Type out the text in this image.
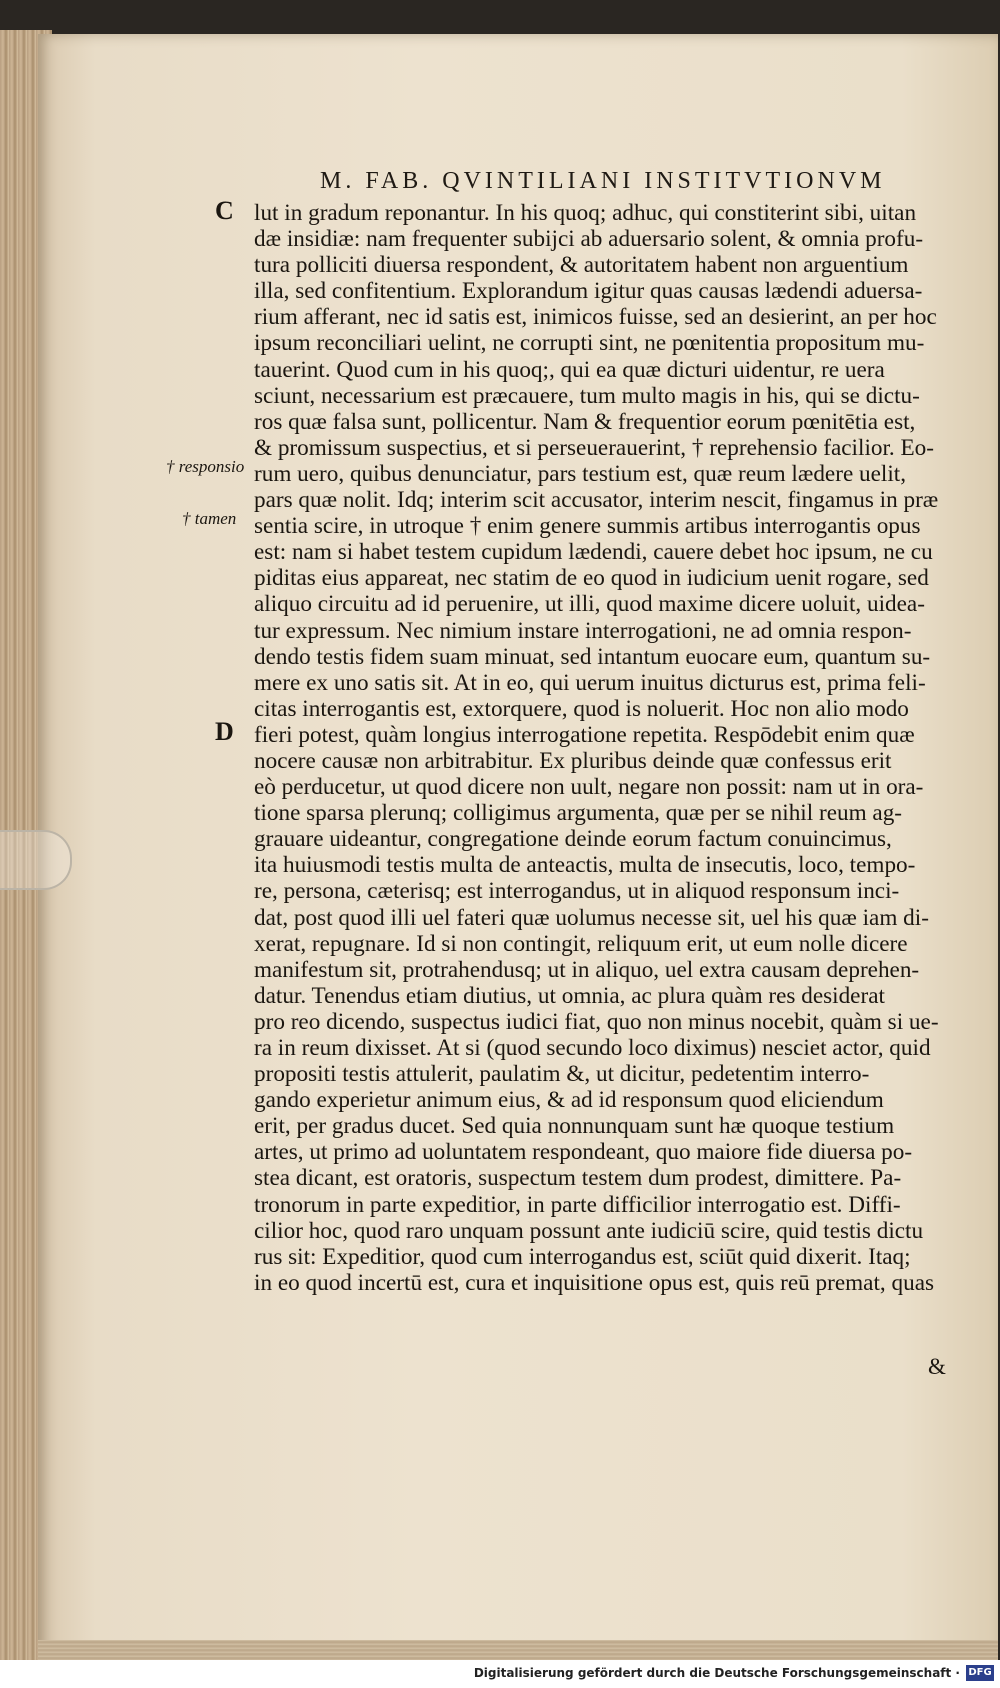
M. FAB. QVINTILIANI INSTITVTIONVM
C
D
† responsio
† tamen
lut in gradum reponantur. In his quoq; adhuc, qui constiterint sibi, uitan
dæ insidiæ: nam frequenter subijci ab aduersario solent, & omnia profu-
tura polliciti diuersa respondent, & autoritatem habent non arguentium
illa, sed confitentium. Explorandum igitur quas causas lædendi aduersa-
rium afferant, nec id satis est, inimicos fuisse, sed an desierint, an per hoc
ipsum reconciliari uelint, ne corrupti sint, ne pœnitentia propositum mu-
tauerint. Quod cum in his quoq;, qui ea quæ dicturi uidentur, re uera
sciunt, necessarium est præcauere, tum multo magis in his, qui se dictu-
ros quæ falsa sunt, pollicentur. Nam & frequentior eorum pœnitētia est,
& promissum suspectius, et si perseuerauerint, † reprehensio facilior. Eo-
rum uero, quibus denunciatur, pars testium est, quæ reum lædere uelit,
pars quæ nolit. Idq; interim scit accusator, interim nescit, fingamus in præ
sentia scire, in utroque † enim genere summis artibus interrogantis opus
est: nam si habet testem cupidum lædendi, cauere debet hoc ipsum, ne cu
piditas eius appareat, nec statim de eo quod in iudicium uenit rogare, sed
aliquo circuitu ad id peruenire, ut illi, quod maxime dicere uoluit, uidea-
tur expressum. Nec nimium instare interrogationi, ne ad omnia respon-
dendo testis fidem suam minuat, sed intantum euocare eum, quantum su-
mere ex uno satis sit. At in eo, qui uerum inuitus dicturus est, prima feli-
citas interrogantis est, extorquere, quod is noluerit. Hoc non alio modo
fieri potest, quàm longius interrogatione repetita. Respōdebit enim quæ
nocere causæ non arbitrabitur. Ex pluribus deinde quæ confessus erit
eò perducetur, ut quod dicere non uult, negare non possit: nam ut in ora-
tione sparsa plerunq; colligimus argumenta, quæ per se nihil reum ag-
grauare uideantur, congregatione deinde eorum factum conuincimus,
ita huiusmodi testis multa de anteactis, multa de insecutis, loco, tempo-
re, persona, cæterisq; est interrogandus, ut in aliquod responsum inci-
dat, post quod illi uel fateri quæ uolumus necesse sit, uel his quæ iam di-
xerat, repugnare. Id si non contingit, reliquum erit, ut eum nolle dicere
manifestum sit, protrahendusq; ut in aliquo, uel extra causam deprehen-
datur. Tenendus etiam diutius, ut omnia, ac plura quàm res desiderat
pro reo dicendo, suspectus iudici fiat, quo non minus nocebit, quàm si ue-
ra in reum dixisset. At si (quod secundo loco diximus) nesciet actor, quid
propositi testis attulerit, paulatim &, ut dicitur, pedetentim interro-
gando experietur animum eius, & ad id responsum quod eliciendum
erit, per gradus ducet. Sed quia nonnunquam sunt hæ quoque testium
artes, ut primo ad uoluntatem respondeant, quo maiore fide diuersa po-
stea dicant, est oratoris, suspectum testem dum prodest, dimittere. Pa-
tronorum in parte expeditior, in parte difficilior interrogatio est. Diffi-
cilior hoc, quod raro unquam possunt ante iudiciū scire, quid testis dictu
rus sit: Expeditior, quod cum interrogandus est, sciūt quid dixerit. Itaq;
in eo quod incertū est, cura et inquisitione opus est, quis reū premat, quas
&
Digitalisierung gefördert durch die Deutsche Forschungsgemeinschaft · DFG
